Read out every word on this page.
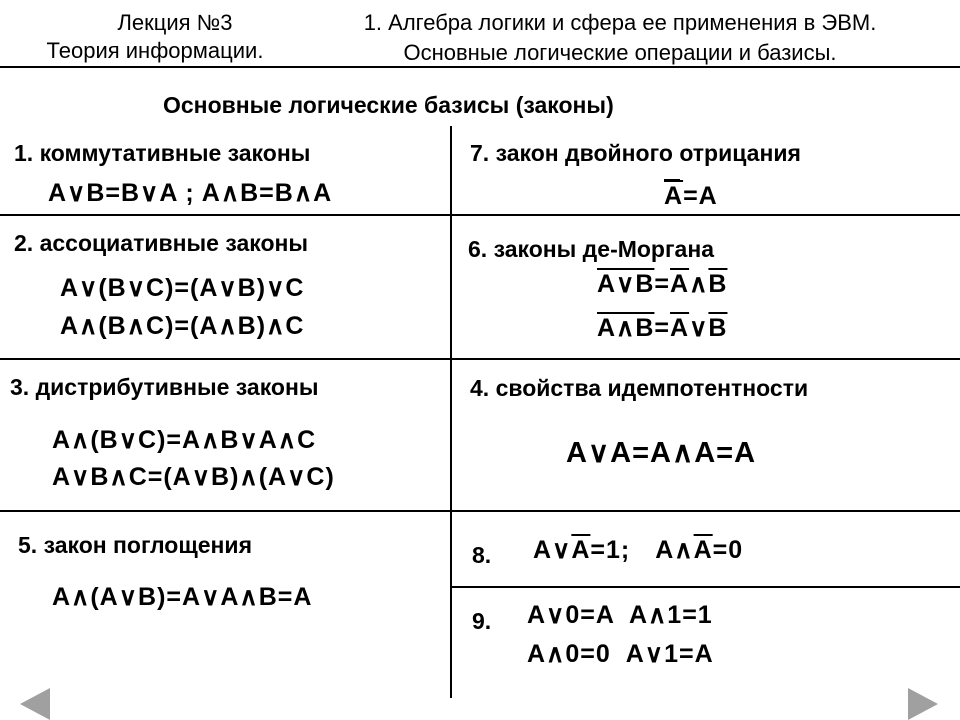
Лекция №3
Теория информации.
1. Алгебра логики и сфера ее применения в ЭВМ.
Основные логические операции и базисы.
Основные логические базисы (законы)
1. коммутативные законы
A∨B=B∨A ; A∧B=B∧A
2. ассоциативные законы
A∨(B∨C)=(A∨B)∨C
A∧(B∧C)=(A∧B)∧C
3. дистрибутивные законы
A∧(B∨C)=A∧B∨A∧C
A∨B∧C=(A∨B)∧(A∨C)
5. закон поглощения
A∧(A∨B)=A∨A∧B=A
7. закон двойного отрицания
$\overline{A}=A$
6. законы де-Моргана
$A\vee B=\overline{A}\wedge\overline{B}$
$A\wedge B=\overline{A}\vee\overline{B}$
4. свойства идемпотентности
A∨A=A∧A=A
8. $A\vee\overline{A}=1$; $A\wedge\overline{A}=0$
9. A∨0=A  A∧1=1
A∧0=0  A∨1=A
